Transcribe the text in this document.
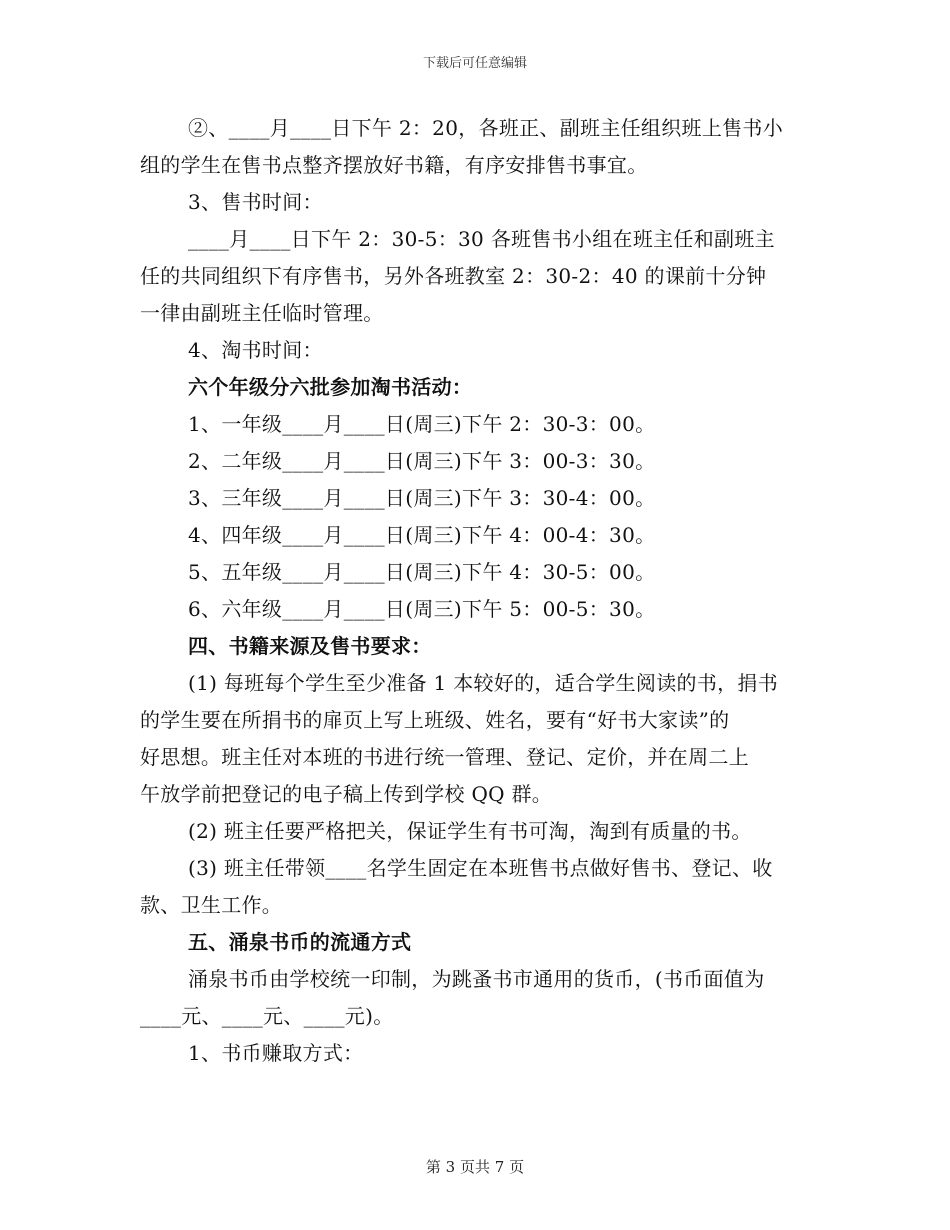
下载后可任意编辑
②、____月____日下午 2：20，各班正、副班主任组织班上售书小
组的学生在售书点整齐摆放好书籍，有序安排售书事宜。
3、售书时间：
____月____日下午 2：30-5：30 各班售书小组在班主任和副班主
任的共同组织下有序售书，另外各班教室 2：30-2：40 的课前十分钟
一律由副班主任临时管理。
4、淘书时间：
六个年级分六批参加淘书活动：
1、一年级____月____日(周三)下午 2：30-3：00。
2、二年级____月____日(周三)下午 3：00-3：30。
3、三年级____月____日(周三)下午 3：30-4：00。
4、四年级____月____日(周三)下午 4：00-4：30。
5、五年级____月____日(周三)下午 4：30-5：00。
6、六年级____月____日(周三)下午 5：00-5：30。
四、书籍来源及售书要求：
(1) 每班每个学生至少准备 1 本较好的，适合学生阅读的书，捐书
的学生要在所捐书的扉页上写上班级、姓名，要有“好书大家读”的
好思想。班主任对本班的书进行统一管理、登记、定价，并在周二上
午放学前把登记的电子稿上传到学校 QQ 群。
(2) 班主任要严格把关，保证学生有书可淘，淘到有质量的书。
(3) 班主任带领____名学生固定在本班售书点做好售书、登记、收
款、卫生工作。
五、涌泉书币的流通方式
涌泉书币由学校统一印制，为跳蚤书市通用的货币，(书币面值为
____元、____元、____元)。
1、书币赚取方式：
第 3 页共 7 页
